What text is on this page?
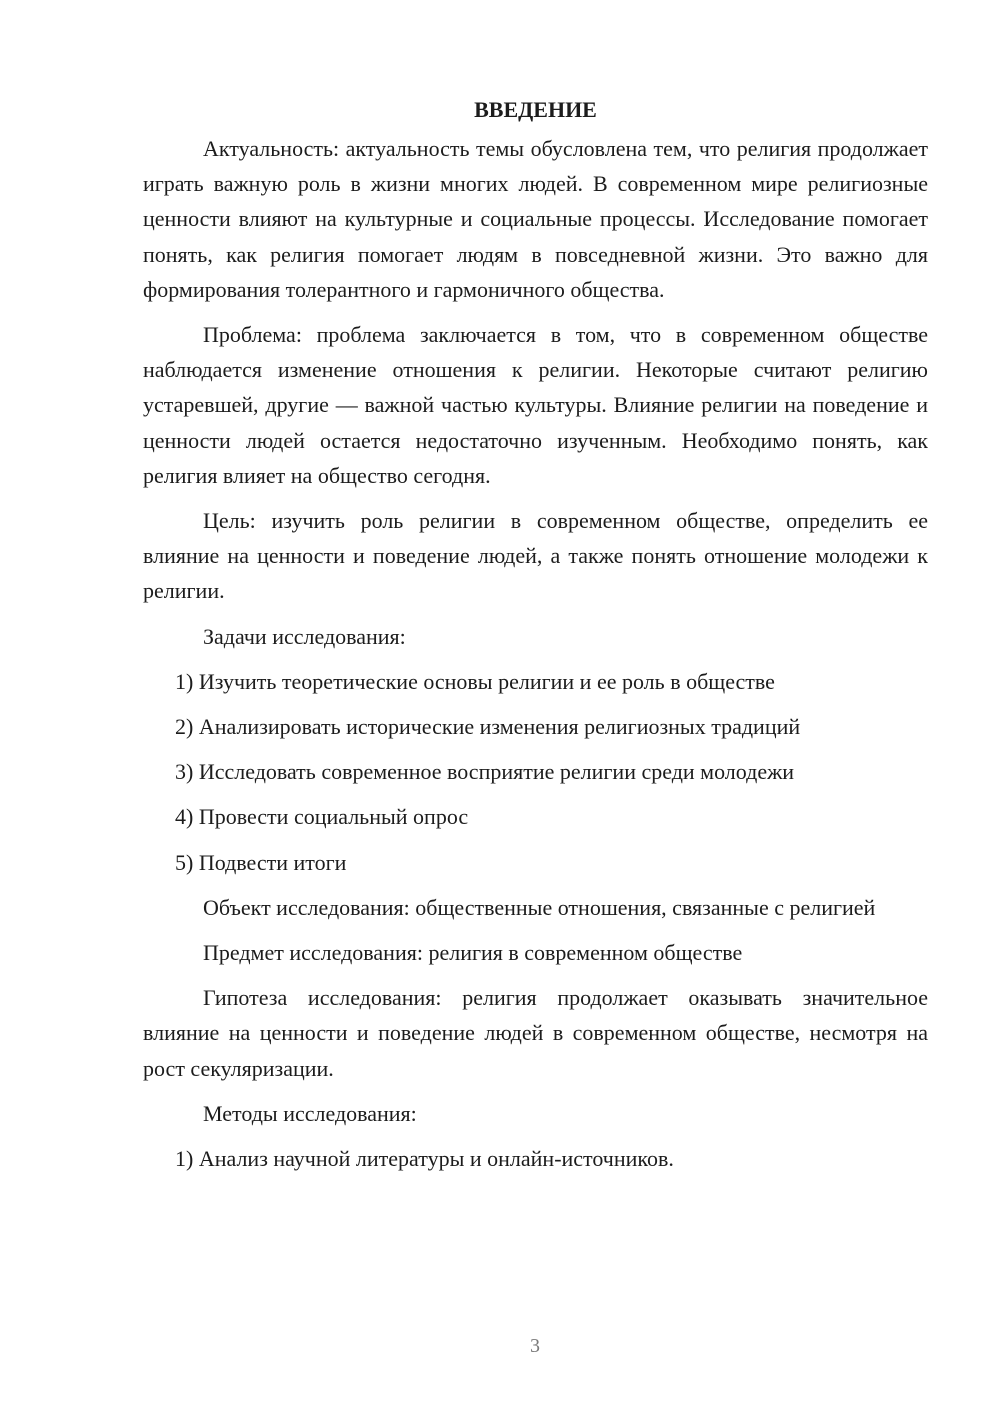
ВВЕДЕНИЕ

Актуальность: актуальность темы обусловлена тем, что религия продолжает играть важную роль в жизни многих людей. В современном мире религиозные ценности влияют на культурные и социальные процессы. Исследование помогает понять, как религия помогает людям в повседневной жизни. Это важно для формирования толерантного и гармоничного общества.

Проблема: проблема заключается в том, что в современном обществе наблюдается изменение отношения к религии. Некоторые считают религию устаревшей, другие — важной частью культуры. Влияние религии на поведение и ценности людей остается недостаточно изученным. Необходимо понять, как религия влияет на общество сегодня.

Цель: изучить роль религии в современном обществе, определить ее влияние на ценности и поведение людей, а также понять отношение молодежи к религии.

Задачи исследования:

1) Изучить теоретические основы религии и ее роль в обществе

2) Анализировать исторические изменения религиозных традиций

3) Исследовать современное восприятие религии среди молодежи

4) Провести социальный опрос

5) Подвести итоги

Объект исследования: общественные отношения, связанные с религией

Предмет исследования: религия в современном обществе

Гипотеза исследования: религия продолжает оказывать значительное влияние на ценности и поведение людей в современном обществе, несмотря на рост секуляризации.

Методы исследования:

1) Анализ научной литературы и онлайн-источников.

3
